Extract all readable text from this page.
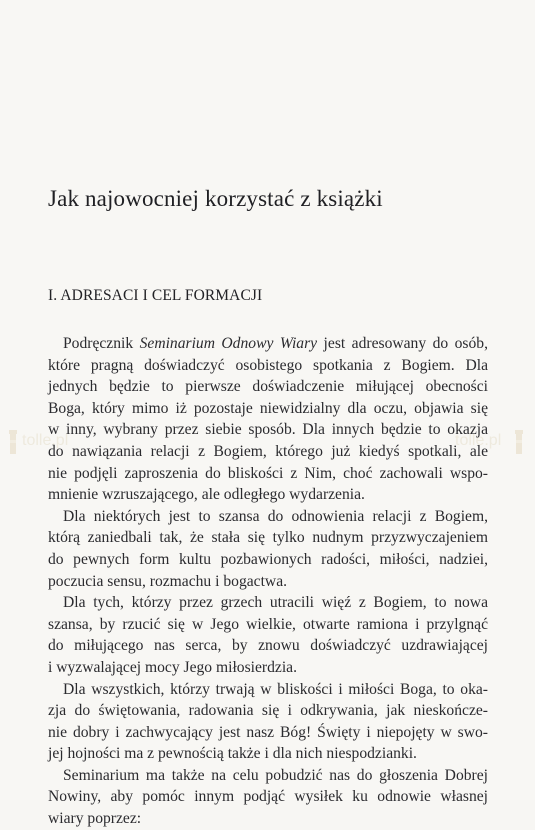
tolle.pl	tolle.pl
Jak najowocniej korzystać z książki
I. ADRESACI I CEL FORMACJI
Podręcznik Seminarium Odnowy Wiary jest adresowany do osób,
które pragną doświadczyć osobistego spotkania z Bogiem. Dla
jednych będzie to pierwsze doświadczenie miłującej obecności
Boga, który mimo iż pozostaje niewidzialny dla oczu, objawia się
w inny, wybrany przez siebie sposób. Dla innych będzie to okazja
do nawiązania relacji z Bogiem, którego już kiedyś spotkali, ale
nie podjęli zaproszenia do bliskości z Nim, choć zachowali wspo-
mnienie wzruszającego, ale odległego wydarzenia.
Dla niektórych jest to szansa do odnowienia relacji z Bogiem,
którą zaniedbali tak, że stała się tylko nudnym przyzwyczajeniem
do pewnych form kultu pozbawionych radości, miłości, nadziei,
poczucia sensu, rozmachu i bogactwa.
Dla tych, którzy przez grzech utracili więź z Bogiem, to nowa
szansa, by rzucić się w Jego wielkie, otwarte ramiona i przylgnąć
do miłującego nas serca, by znowu doświadczyć uzdrawiającej
i wyzwalającej mocy Jego miłosierdzia.
Dla wszystkich, którzy trwają w bliskości i miłości Boga, to oka-
zja do świętowania, radowania się i odkrywania, jak nieskończe-
nie dobry i zachwycający jest nasz Bóg! Święty i niepojęty w swo-
jej hojności ma z pewnością także i dla nich niespodzianki.
Seminarium ma także na celu pobudzić nas do głoszenia Dobrej
Nowiny, aby pomóc innym podjąć wysiłek ku odnowie własnej
wiary poprzez:
